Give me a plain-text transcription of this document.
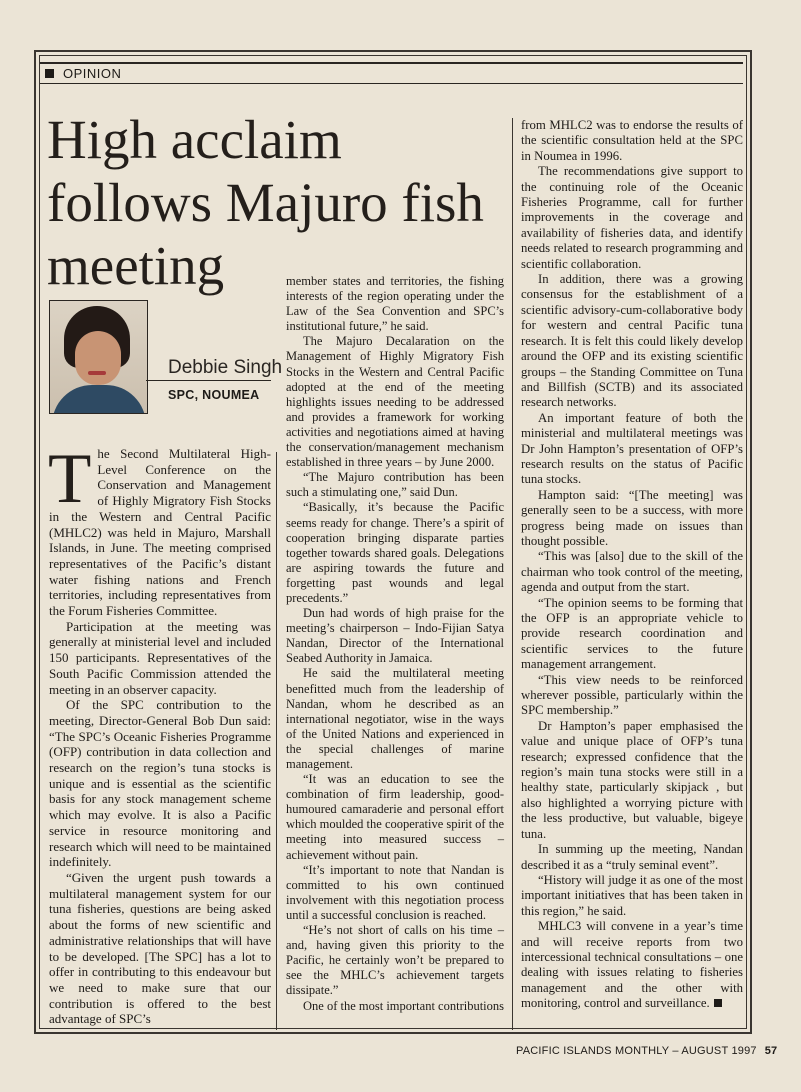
OPINION
High acclaim follows Majuro fish meeting
Debbie Singh
SPC, NOUMEA

The Second Multilateral High-Level Conference on the Conservation and Management of Highly Migratory Fish Stocks in the Western and Central Pacific (MHLC2) was held in Majuro, Marshall Islands, in June. The meeting comprised representatives of the Pacific’s distant water fishing nations and French territories, including representatives from the Forum Fisheries Committee.

Participation at the meeting was generally at ministerial level and included 150 participants. Representatives of the South Pacific Commission attended the meeting in an observer capacity.

Of the SPC contribution to the meeting, Director-General Bob Dun said: “The SPC’s Oceanic Fisheries Programme (OFP) contribution in data collection and research on the region’s tuna stocks is unique and is essential as the scientific basis for any stock management scheme which may evolve. It is also a Pacific service in resource monitoring and research which will need to be maintained indefinitely.

“Given the urgent push towards a multilateral management system for our tuna fisheries, questions are being asked about the forms of new scientific and administrative relationships that will have to be developed. [The SPC] has a lot to offer in contributing to this endeavour but we need to make sure that our contribution is offered to the best advantage of SPC’s

member states and territories, the fishing interests of the region operating under the Law of the Sea Convention and SPC’s institutional future,” he said.

The Majuro Decalaration on the Management of Highly Migratory Fish Stocks in the Western and Central Pacific adopted at the end of the meeting highlights issues needing to be addressed and provides a framework for working activities and negotiations aimed at having the conservation/management mechanism established in three years – by June 2000.

“The Majuro contribution has been such a stimulating one,” said Dun.

“Basically, it’s because the Pacific seems ready for change. There’s a spirit of cooperation bringing disparate parties together towards shared goals. Delegations are aspiring towards the future and forgetting past wounds and legal precedents.”

Dun had words of high praise for the meeting’s chairperson – Indo-Fijian Satya Nandan, Director of the International Seabed Authority in Jamaica.

He said the multilateral meeting benefitted much from the leadership of Nandan, whom he described as an international negotiator, wise in the ways of the United Nations and experienced in the special challenges of marine management.

“It was an education to see the combination of firm leadership, good-humoured camaraderie and personal effort which moulded the cooperative spirit of the meeting into measured success – achievement without pain.

“It’s important to note that Nandan is committed to his own continued involvement with this negotiation process until a successful conclusion is reached.

“He’s not short of calls on his time – and, having given this priority to the Pacific, he certainly won’t be prepared to see the MHLC’s achievement targets dissipate.”

One of the most important contributions

from MHLC2 was to endorse the results of the scientific consultation held at the SPC in Noumea in 1996.

The recommendations give support to the continuing role of the Oceanic Fisheries Programme, call for further improvements in the coverage and availability of fisheries data, and identify needs related to research programming and scientific collaboration.

In addition, there was a growing consensus for the establishment of a scientific advisory-cum-collaborative body for western and central Pacific tuna research. It is felt this could likely develop around the OFP and its existing scientific groups – the Standing Committee on Tuna and Billfish (SCTB) and its associated research networks.

An important feature of both the ministerial and multilateral meetings was Dr John Hampton’s presentation of OFP’s research results on the status of Pacific tuna stocks.

Hampton said: “[The meeting] was generally seen to be a success, with more progress being made on issues than thought possible.

“This was [also] due to the skill of the chairman who took control of the meeting, agenda and output from the start.

“The opinion seems to be forming that the OFP is an appropriate vehicle to provide research coordination and scientific services to the future management arrangement.

“This view needs to be reinforced wherever possible, particularly within the SPC membership.”

Dr Hampton’s paper emphasised the value and unique place of OFP’s tuna research; expressed confidence that the region’s main tuna stocks were still in a healthy state, particularly skipjack , but also highlighted a worrying picture with the less productive, but valuable, bigeye tuna.

In summing up the meeting, Nandan described it as a “truly seminal event”.

“History will judge it as one of the most important initiatives that has been taken in this region,” he said.

MHLC3 will convene in a year’s time and will receive reports from two intercessional technical consultations – one dealing with issues relating to fisheries management and the other with monitoring, control and surveillance.

PACIFIC ISLANDS MONTHLY – AUGUST 1997 57
